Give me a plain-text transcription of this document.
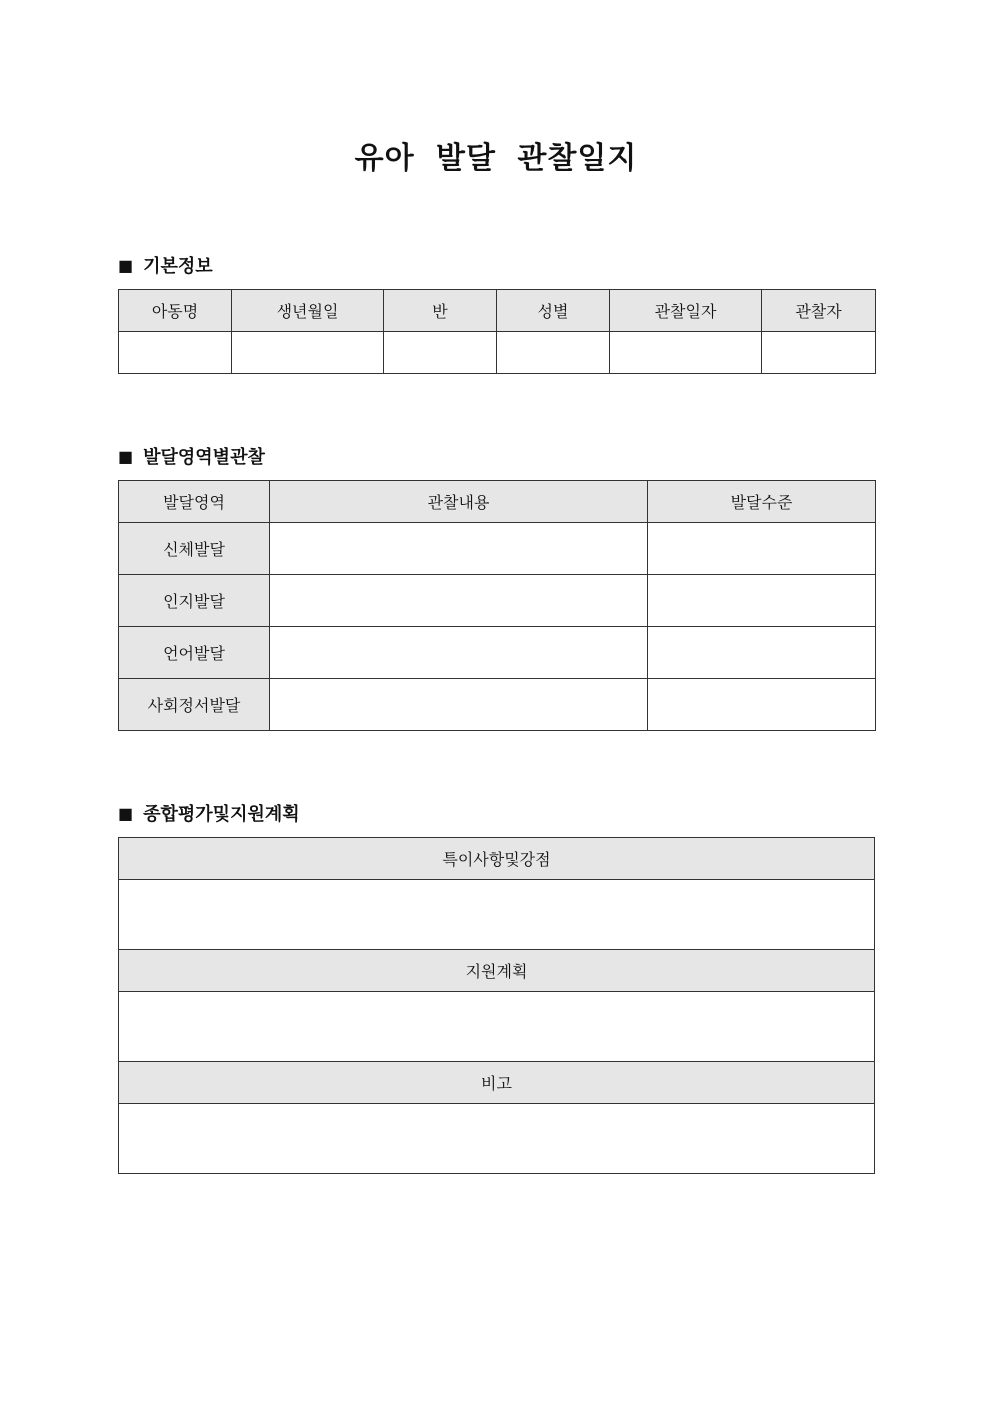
유아 발달 관찰일지
■ 기본정보
아동명	생년월일	반	성별	관찰일자	관찰자

■ 발달영역별관찰
발달영역	관찰내용	발달수준
신체발달		
인지발달		
언어발달		
사회정서발달		
■ 종합평가및지원계획
특이사항및강점

지원계획

비고
